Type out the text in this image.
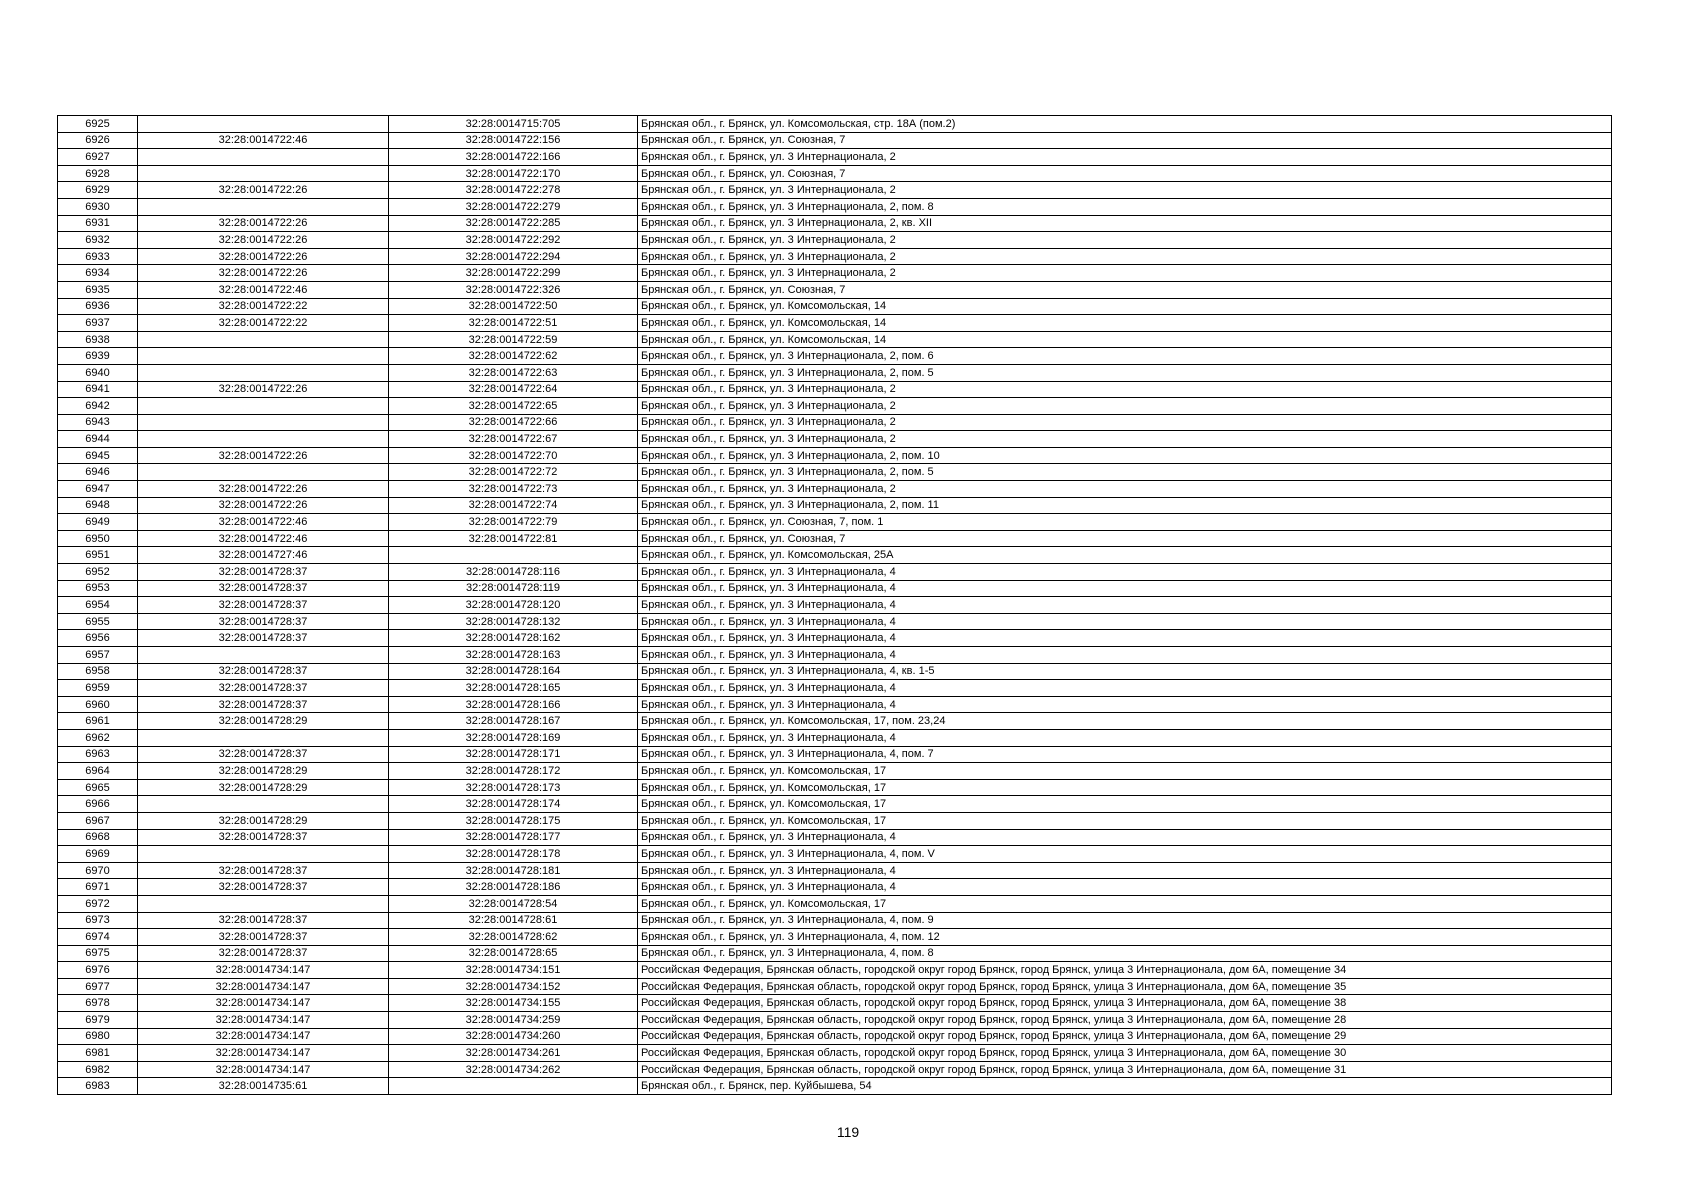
6925		32:28:0014715:705	Брянская обл., г. Брянск, ул. Комсомольская, стр. 18А (пом.2)
6926	32:28:0014722:46	32:28:0014722:156	Брянская обл., г. Брянск, ул. Союзная, 7
6927		32:28:0014722:166	Брянская обл., г. Брянск, ул. 3 Интернационала, 2
6928		32:28:0014722:170	Брянская обл., г. Брянск, ул. Союзная, 7
6929	32:28:0014722:26	32:28:0014722:278	Брянская обл., г. Брянск, ул. 3 Интернационала, 2
6930		32:28:0014722:279	Брянская обл., г. Брянск, ул. 3 Интернационала, 2, пом. 8
6931	32:28:0014722:26	32:28:0014722:285	Брянская обл., г. Брянск, ул. 3 Интернационала, 2, кв. XII
6932	32:28:0014722:26	32:28:0014722:292	Брянская обл., г. Брянск, ул. 3 Интернационала, 2
6933	32:28:0014722:26	32:28:0014722:294	Брянская обл., г. Брянск, ул. 3 Интернационала, 2
6934	32:28:0014722:26	32:28:0014722:299	Брянская обл., г. Брянск, ул. 3 Интернационала, 2
6935	32:28:0014722:46	32:28:0014722:326	Брянская обл., г. Брянск, ул. Союзная, 7
6936	32:28:0014722:22	32:28:0014722:50	Брянская обл., г. Брянск, ул. Комсомольская, 14
6937	32:28:0014722:22	32:28:0014722:51	Брянская обл., г. Брянск, ул. Комсомольская, 14
6938		32:28:0014722:59	Брянская обл., г. Брянск, ул. Комсомольская, 14
6939		32:28:0014722:62	Брянская обл., г. Брянск, ул. 3 Интернационала, 2, пом. 6
6940		32:28:0014722:63	Брянская обл., г. Брянск, ул. 3 Интернационала, 2, пом. 5
6941	32:28:0014722:26	32:28:0014722:64	Брянская обл., г. Брянск, ул. 3 Интернационала, 2
6942		32:28:0014722:65	Брянская обл., г. Брянск, ул. 3 Интернационала, 2
6943		32:28:0014722:66	Брянская обл., г. Брянск, ул. 3 Интернационала, 2
6944		32:28:0014722:67	Брянская обл., г. Брянск, ул. 3 Интернационала, 2
6945	32:28:0014722:26	32:28:0014722:70	Брянская обл., г. Брянск, ул. 3 Интернационала, 2, пом. 10
6946		32:28:0014722:72	Брянская обл., г. Брянск, ул. 3 Интернационала, 2, пом. 5
6947	32:28:0014722:26	32:28:0014722:73	Брянская обл., г. Брянск, ул. 3 Интернационала, 2
6948	32:28:0014722:26	32:28:0014722:74	Брянская обл., г. Брянск, ул. 3 Интернационала, 2, пом. 11
6949	32:28:0014722:46	32:28:0014722:79	Брянская обл., г. Брянск, ул. Союзная, 7, пом. 1
6950	32:28:0014722:46	32:28:0014722:81	Брянская обл., г. Брянск, ул. Союзная, 7
6951	32:28:0014727:46		Брянская обл., г. Брянск, ул. Комсомольская, 25А
6952	32:28:0014728:37	32:28:0014728:116	Брянская обл., г. Брянск, ул. 3 Интернационала, 4
6953	32:28:0014728:37	32:28:0014728:119	Брянская обл., г. Брянск, ул. 3 Интернационала, 4
6954	32:28:0014728:37	32:28:0014728:120	Брянская обл., г. Брянск, ул. 3 Интернационала, 4
6955	32:28:0014728:37	32:28:0014728:132	Брянская обл., г. Брянск, ул. 3 Интернационала, 4
6956	32:28:0014728:37	32:28:0014728:162	Брянская обл., г. Брянск, ул. 3 Интернационала, 4
6957		32:28:0014728:163	Брянская обл., г. Брянск, ул. 3 Интернационала, 4
6958	32:28:0014728:37	32:28:0014728:164	Брянская обл., г. Брянск, ул. 3 Интернационала, 4, кв. 1-5
6959	32:28:0014728:37	32:28:0014728:165	Брянская обл., г. Брянск, ул. 3 Интернационала, 4
6960	32:28:0014728:37	32:28:0014728:166	Брянская обл., г. Брянск, ул. 3 Интернационала, 4
6961	32:28:0014728:29	32:28:0014728:167	Брянская обл., г. Брянск, ул. Комсомольская, 17, пом. 23,24
6962		32:28:0014728:169	Брянская обл., г. Брянск, ул. 3 Интернационала, 4
6963	32:28:0014728:37	32:28:0014728:171	Брянская обл., г. Брянск, ул. 3 Интернационала, 4, пом. 7
6964	32:28:0014728:29	32:28:0014728:172	Брянская обл., г. Брянск, ул. Комсомольская, 17
6965	32:28:0014728:29	32:28:0014728:173	Брянская обл., г. Брянск, ул. Комсомольская, 17
6966		32:28:0014728:174	Брянская обл., г. Брянск, ул. Комсомольская, 17
6967	32:28:0014728:29	32:28:0014728:175	Брянская обл., г. Брянск, ул. Комсомольская, 17
6968	32:28:0014728:37	32:28:0014728:177	Брянская обл., г. Брянск, ул. 3 Интернационала, 4
6969		32:28:0014728:178	Брянская обл., г. Брянск, ул. 3 Интернационала, 4, пом. V
6970	32:28:0014728:37	32:28:0014728:181	Брянская обл., г. Брянск, ул. 3 Интернационала, 4
6971	32:28:0014728:37	32:28:0014728:186	Брянская обл., г. Брянск, ул. 3 Интернационала, 4
6972		32:28:0014728:54	Брянская обл., г. Брянск, ул. Комсомольская, 17
6973	32:28:0014728:37	32:28:0014728:61	Брянская обл., г. Брянск, ул. 3 Интернационала, 4, пом. 9
6974	32:28:0014728:37	32:28:0014728:62	Брянская обл., г. Брянск, ул. 3 Интернационала, 4, пом. 12
6975	32:28:0014728:37	32:28:0014728:65	Брянская обл., г. Брянск, ул. 3 Интернационала, 4, пом. 8
6976	32:28:0014734:147	32:28:0014734:151	Российская Федерация, Брянская область, городской округ город Брянск, город Брянск, улица 3 Интернационала, дом 6А, помещение 34
6977	32:28:0014734:147	32:28:0014734:152	Российская Федерация, Брянская область, городской округ город Брянск, город Брянск, улица 3 Интернационала, дом 6А, помещение 35
6978	32:28:0014734:147	32:28:0014734:155	Российская Федерация, Брянская область, городской округ город Брянск, город Брянск, улица 3 Интернационала, дом 6А, помещение 38
6979	32:28:0014734:147	32:28:0014734:259	Российская Федерация, Брянская область, городской округ город Брянск, город Брянск, улица 3 Интернационала, дом 6А, помещение 28
6980	32:28:0014734:147	32:28:0014734:260	Российская Федерация, Брянская область, городской округ город Брянск, город Брянск, улица 3 Интернационала, дом 6А, помещение 29
6981	32:28:0014734:147	32:28:0014734:261	Российская Федерация, Брянская область, городской округ город Брянск, город Брянск, улица 3 Интернационала, дом 6А, помещение 30
6982	32:28:0014734:147	32:28:0014734:262	Российская Федерация, Брянская область, городской округ город Брянск, город Брянск, улица 3 Интернационала, дом 6А, помещение 31
6983	32:28:0014735:61		Брянская обл., г. Брянск, пер. Куйбышева, 54
119
